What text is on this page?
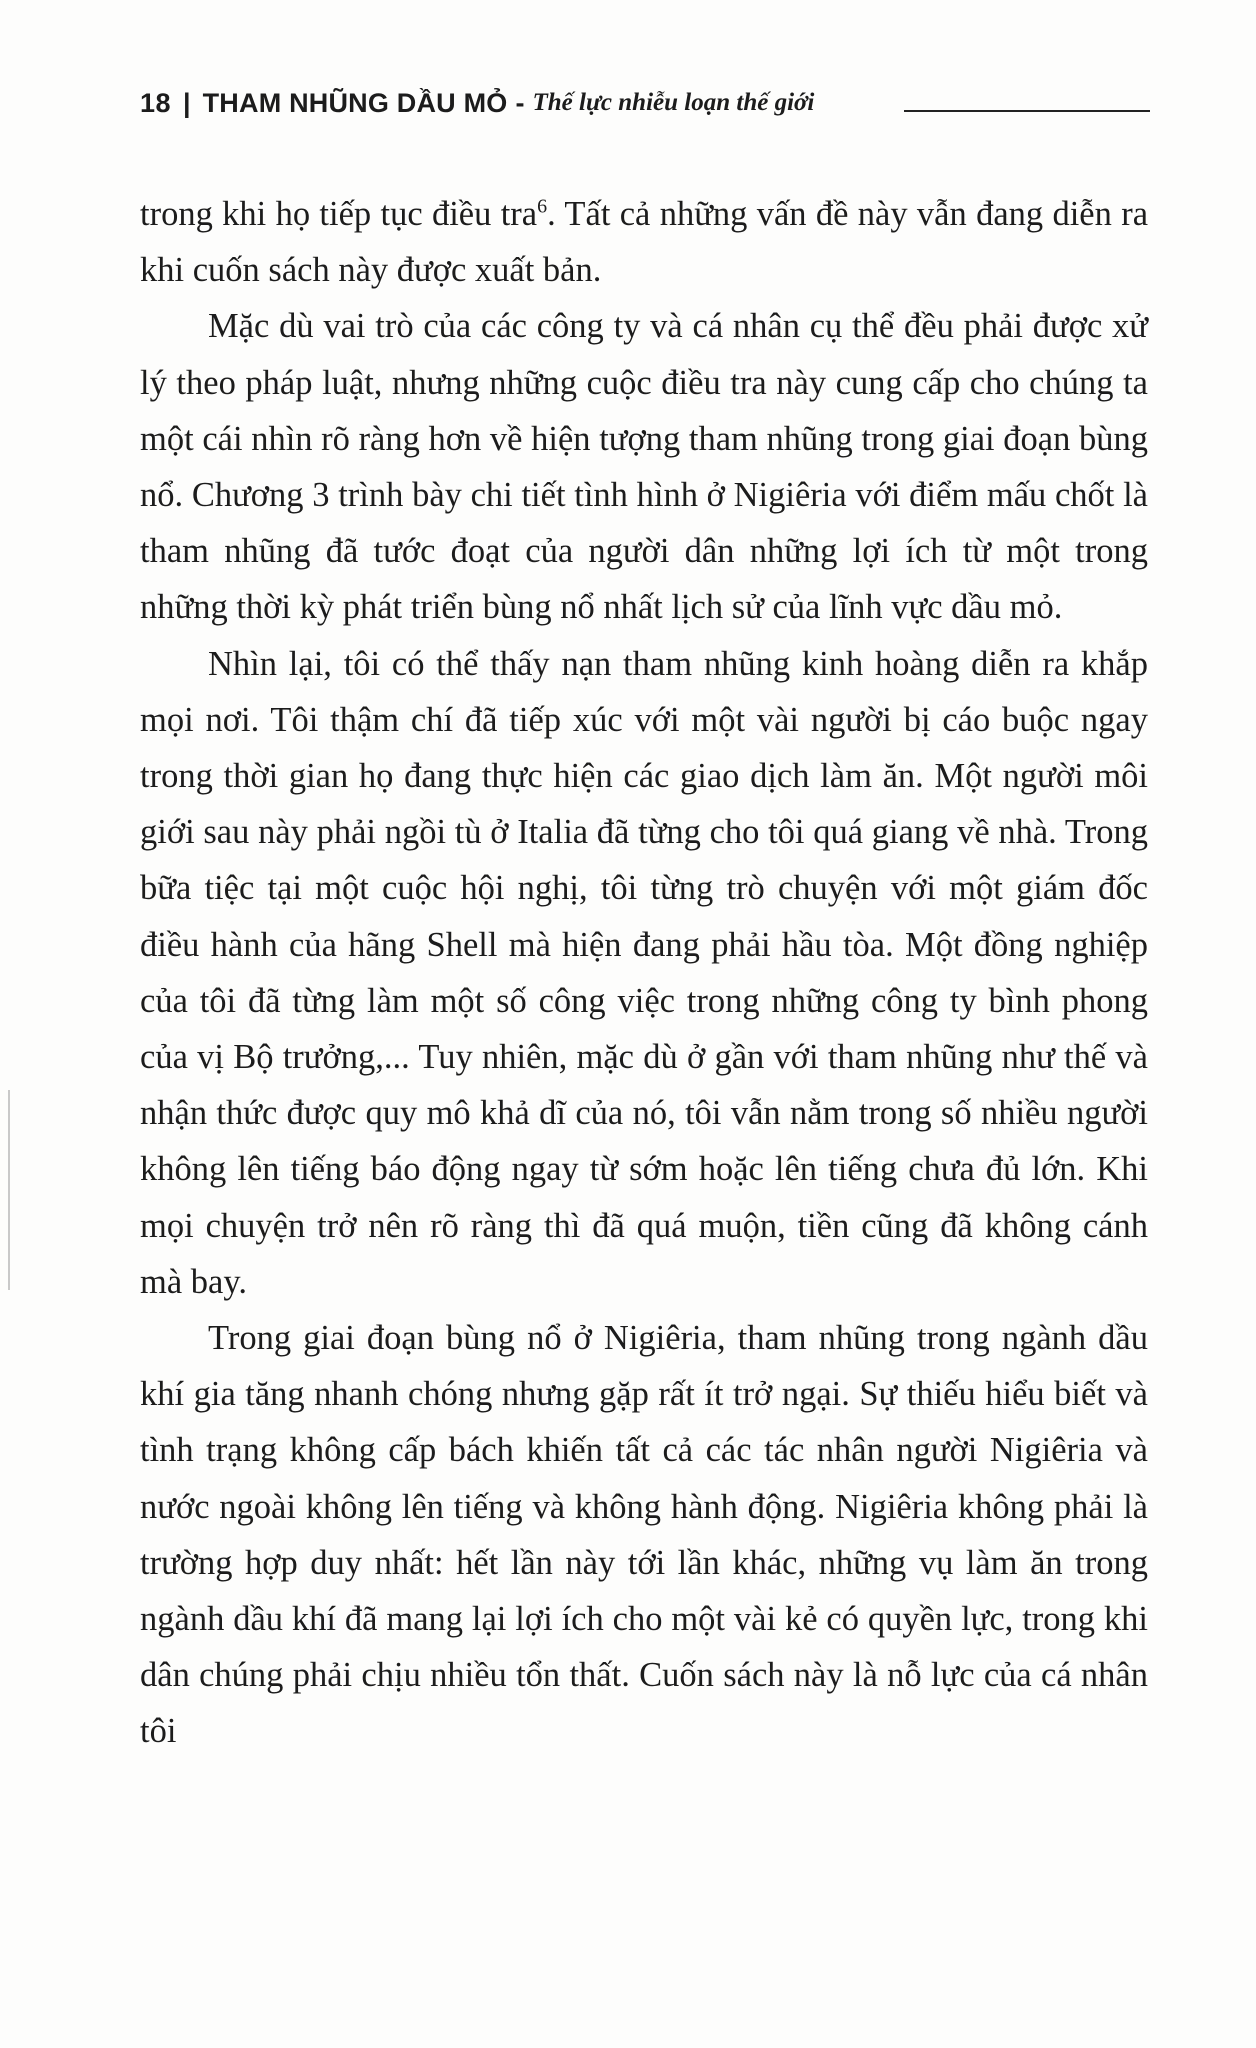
18 | THAM NHŨNG DẦU MỎ - Thế lực nhiễu loạn thế giới

trong khi họ tiếp tục điều tra$^6$. Tất cả những vấn đề này vẫn đang diễn ra khi cuốn sách này được xuất bản.

Mặc dù vai trò của các công ty và cá nhân cụ thể đều phải được xử lý theo pháp luật, nhưng những cuộc điều tra này cung cấp cho chúng ta một cái nhìn rõ ràng hơn về hiện tượng tham nhũng trong giai đoạn bùng nổ. Chương 3 trình bày chi tiết tình hình ở Nigiêria với điểm mấu chốt là tham nhũng đã tước đoạt của người dân những lợi ích từ một trong những thời kỳ phát triển bùng nổ nhất lịch sử của lĩnh vực dầu mỏ.

Nhìn lại, tôi có thể thấy nạn tham nhũng kinh hoàng diễn ra khắp mọi nơi. Tôi thậm chí đã tiếp xúc với một vài người bị cáo buộc ngay trong thời gian họ đang thực hiện các giao dịch làm ăn. Một người môi giới sau này phải ngồi tù ở Italia đã từng cho tôi quá giang về nhà. Trong bữa tiệc tại một cuộc hội nghị, tôi từng trò chuyện với một giám đốc điều hành của hãng Shell mà hiện đang phải hầu tòa. Một đồng nghiệp của tôi đã từng làm một số công việc trong những công ty bình phong của vị Bộ trưởng,... Tuy nhiên, mặc dù ở gần với tham nhũng như thế và nhận thức được quy mô khả dĩ của nó, tôi vẫn nằm trong số nhiều người không lên tiếng báo động ngay từ sớm hoặc lên tiếng chưa đủ lớn. Khi mọi chuyện trở nên rõ ràng thì đã quá muộn, tiền cũng đã không cánh mà bay.

Trong giai đoạn bùng nổ ở Nigiêria, tham nhũng trong ngành dầu khí gia tăng nhanh chóng nhưng gặp rất ít trở ngại. Sự thiếu hiểu biết và tình trạng không cấp bách khiến tất cả các tác nhân người Nigiêria và nước ngoài không lên tiếng và không hành động. Nigiêria không phải là trường hợp duy nhất: hết lần này tới lần khác, những vụ làm ăn trong ngành dầu khí đã mang lại lợi ích cho một vài kẻ có quyền lực, trong khi dân chúng phải chịu nhiều tổn thất. Cuốn sách này là nỗ lực của cá nhân tôi
